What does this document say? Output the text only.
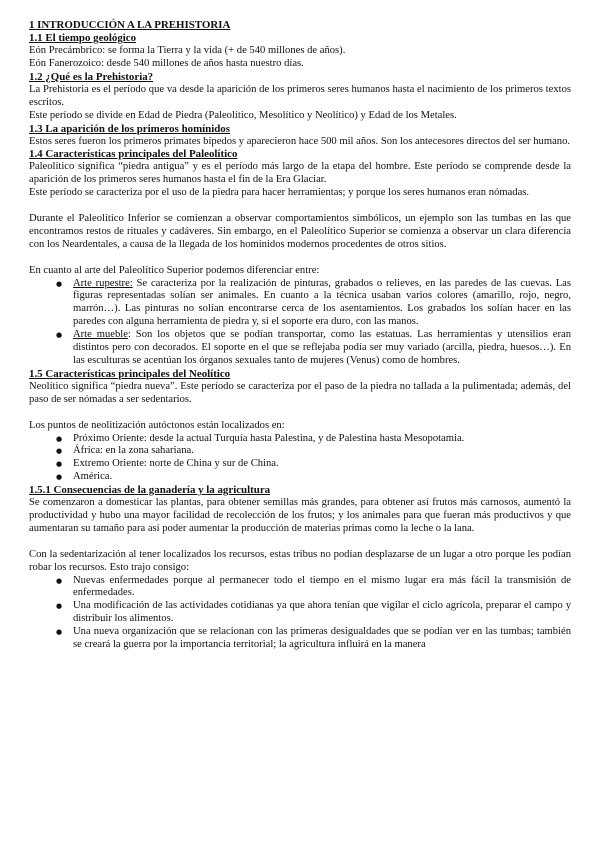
1 INTRODUCCIÓN A LA PREHISTORIA
1.1 El tiempo geológico

Eón Precámbrico: se forma la Tierra y la vida (+ de 540 millones de años).

Eón Fanerozoico: desde 540 millones de años hasta nuestro días.

1.2 ¿Qué es la Prehistoria?

La Prehistoria es el período que va desde la aparición de los primeros seres humanos hasta el nacimiento de los primeros textos escritos.

Este período se divide en Edad de Piedra (Paleolítico, Mesolítico y Neolítico) y Edad de los Metales.

1.3 La aparición de los primeros homínidos

Estos seres fueron los primeros primates bípedos y aparecieron hace 500 mil años. Son los antecesores directos del ser humano.

1.4 Características principales del Paleolítico

Paleolítico significa “piedra antigua” y es el período más largo de la etapa del hombre. Este período se comprende desde la aparición de los primeros seres humanos hasta el fin de la Era Glaciar.

Este período se caracteriza por el uso de la piedra para hacer herramientas; y porque los seres humanos eran nómadas.

Durante el Paleolítico Inferior se comienzan a observar comportamientos simbólicos, un ejemplo son las tumbas en las que encontramos restos de rituales y cadáveres. Sin embargo, en el Paleolítico Superior se comienza a observar un clara diferencia con los Neardentales, a causa de la llegada de los homínidos modernos procedentes de otros sitios.

En cuanto al arte del Paleolítico Superior podemos diferenciar entre:

● Arte rupestre: Se caracteriza por la realización de pinturas, grabados o relieves, en las paredes de las cuevas. Las figuras representadas solían ser animales. En cuanto a la técnica usaban varios colores (amarillo, rojo, negro, marrón…). Las pinturas no solían encontrarse cerca de los asentamientos. Los grabados los solían hacer en las paredes con alguna herramienta de piedra y, si el soporte era duro, con las manos.
● Arte mueble: Son los objetos que se podían transportar, como las estatuas. Las herramientas y utensilios eran distintos pero con decorados. El soporte en el que se reflejaba podía ser muy variado (arcilla, piedra, huesos…). En las esculturas se acentúan los órganos sexuales tanto de mujeres (Venus) como de hombres.
1.5 Características principales del Neolítico

Neolítico significa “piedra nueva”. Este período se caracteriza por el paso de la piedra no tallada a la pulimentada; además, del paso de ser nómadas a ser sedentarios.

Los puntos de neolitización autóctonos están localizados en:

● Próximo Oriente: desde la actual Turquía hasta Palestina, y de Palestina hasta Mesopotamia.
● África: en la zona sahariana.
● Extremo Oriente: norte de China y sur de China.
● América.
1.5.1 Consecuencias de la ganadería y la agricultura

Se comenzaron a domesticar las plantas, para obtener semillas más grandes, para obtener así frutos más carnosos, aumentó la productividad y hubo una mayor facilidad de recolección de los frutos; y los animales para que fueran más productivos y que aumentaran su tamaño para así poder aumentar la producción de materias primas como la leche o la lana.

Con la sedentarización al tener localizados los recursos, estas tribus no podían desplazarse de un lugar a otro porque les podían robar los recursos. Esto trajo consigo:

● Nuevas enfermedades porque al permanecer todo el tiempo en el mismo lugar era más fácil la transmisión de enfermedades.
● Una modificación de las actividades cotidianas ya que ahora tenían que vigilar el ciclo agrícola, preparar el campo y distribuir los alimentos.
● Una nueva organización que se relacionan con las primeras desigualdades que se podían ver en las tumbas; también se creará la guerra por la importancia territorial; la agricultura influirá en la manera
